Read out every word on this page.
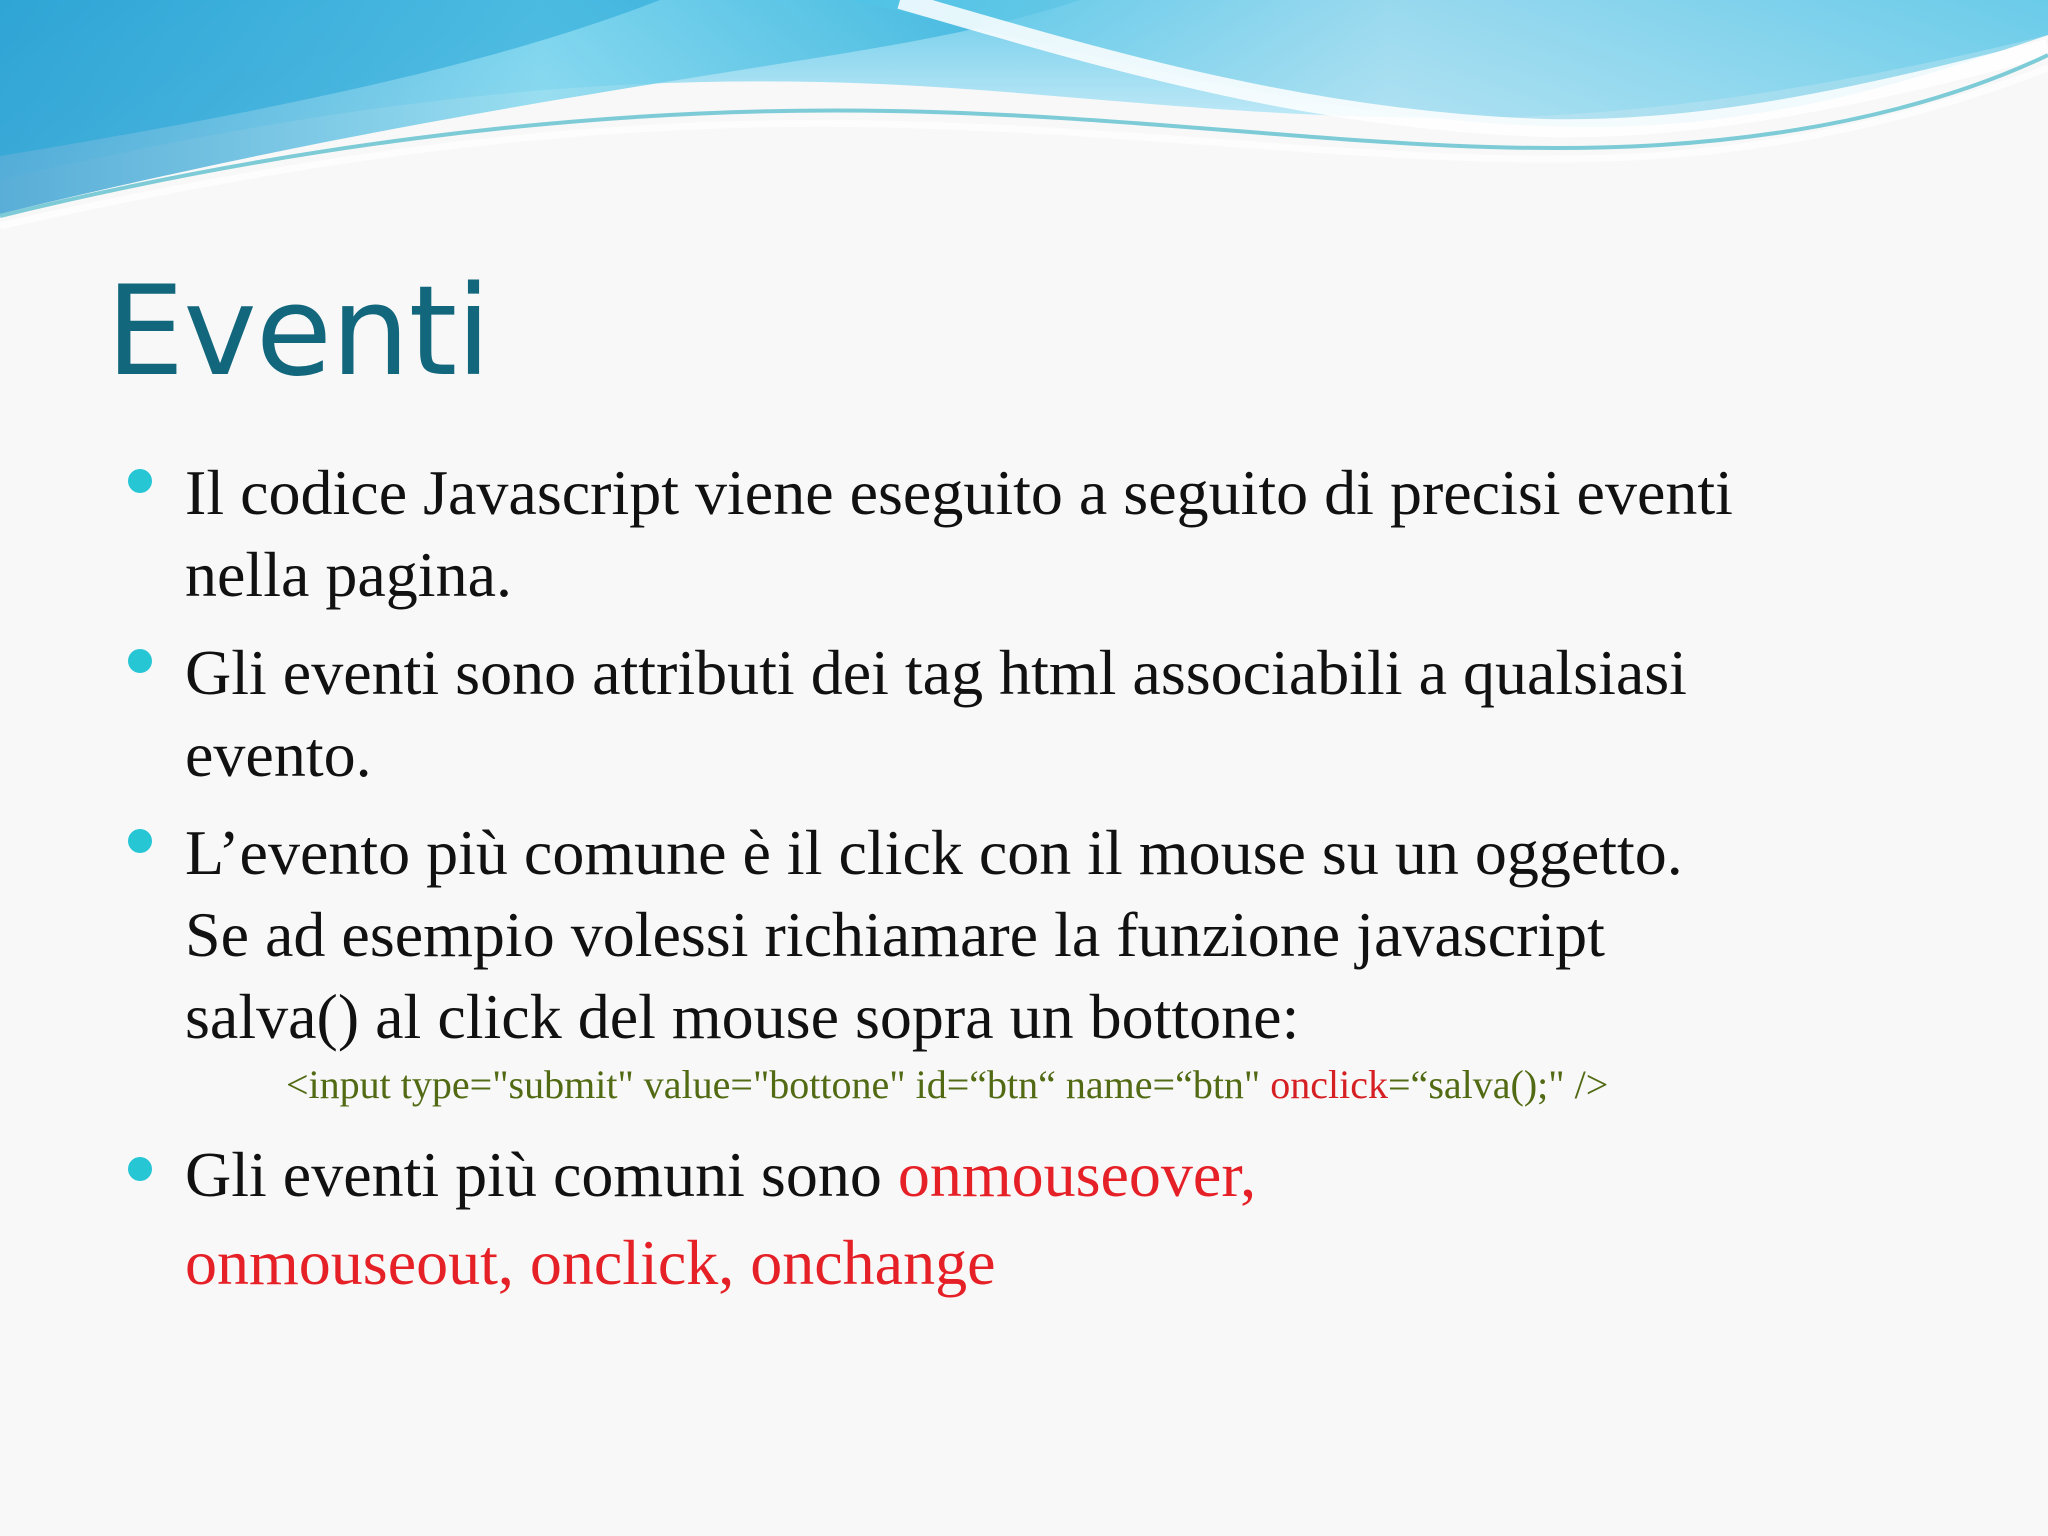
Eventi
Il codice Javascript viene eseguito a seguito di precisi eventi
nella pagina.
Gli eventi sono attributi dei tag html associabili a qualsiasi
evento.
L’evento più comune è il click con il mouse su un oggetto.
Se ad esempio volessi richiamare la funzione javascript
salva() al click del mouse sopra un bottone:
<input type="submit" value="bottone" id=“btn“ name=“btn" onclick=“salva();" />
Gli eventi più comuni sono onmouseover,
onmouseout, onclick, onchange
